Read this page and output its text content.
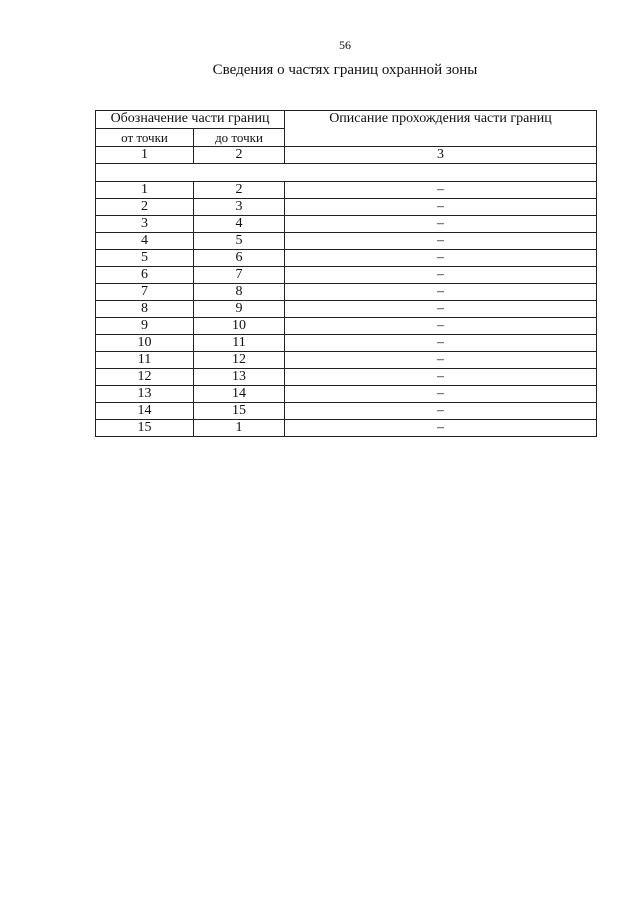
56
Сведения о частях границ охранной зоны
Обозначение части границ		Описание прохождения части границ
от точки	до точки	
1	2	3

1	2	–
2	3	–
3	4	–
4	5	–
5	6	–
6	7	–
7	8	–
8	9	–
9	10	–
10	11	–
11	12	–
12	13	–
13	14	–
14	15	–
15	1	–
